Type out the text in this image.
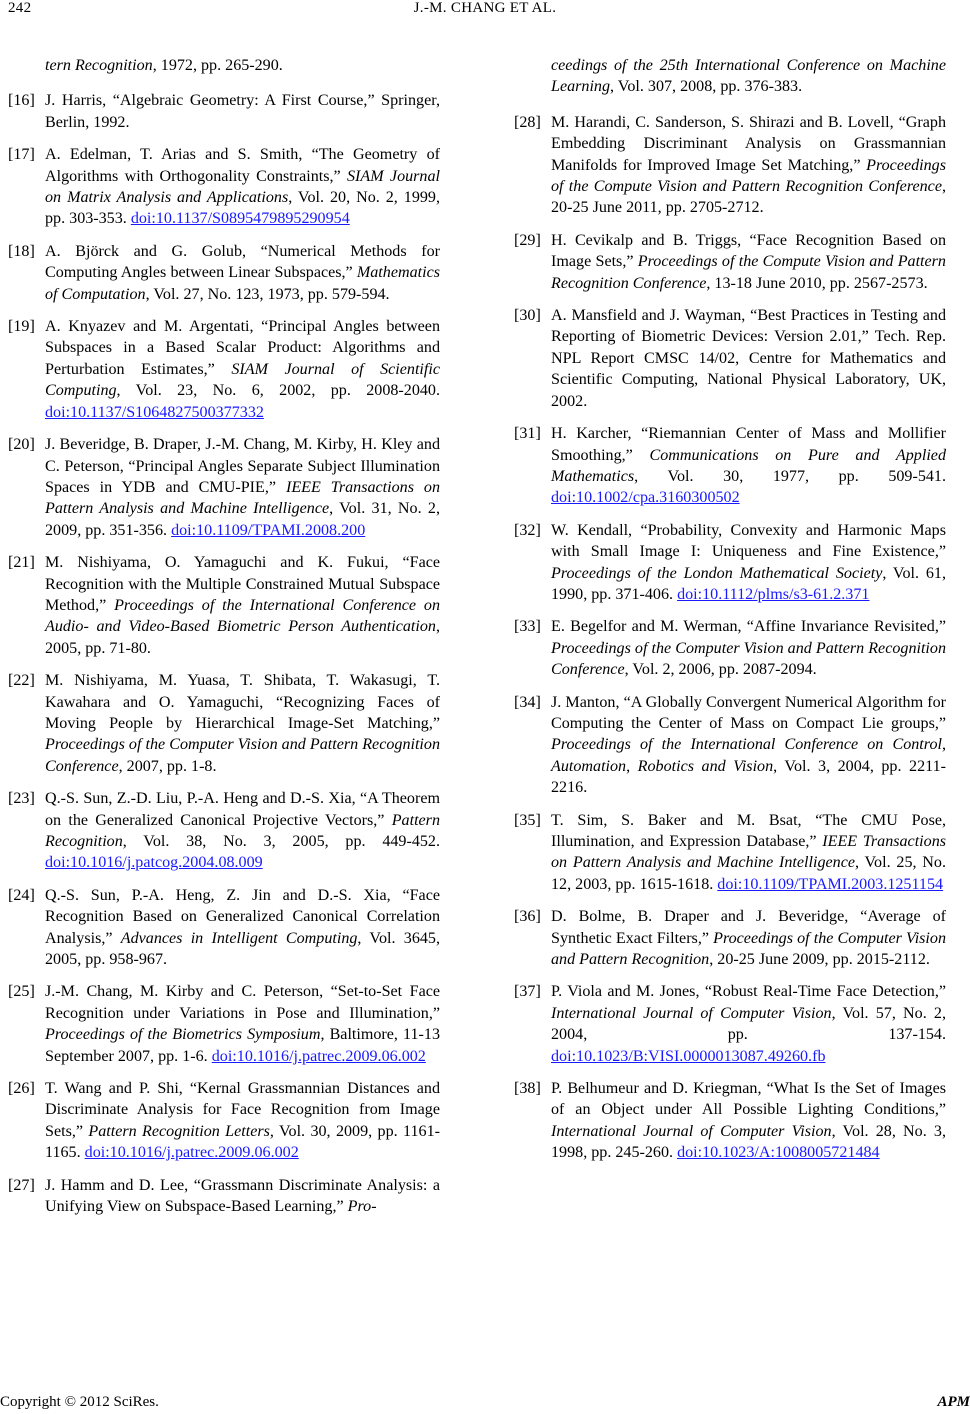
242	J.-M. CHANG ET AL.
tern Recognition, 1972, pp. 265-290.
[16] J. Harris, “Algebraic Geometry: A First Course,” Springer, Berlin, 1992.
[17] A. Edelman, T. Arias and S. Smith, “The Geometry of Algorithms with Orthogonality Constraints,” SIAM Journal on Matrix Analysis and Applications, Vol. 20, No. 2, 1999, pp. 303-353. doi:10.1137/S0895479895290954
[18] A. Björck and G. Golub, “Numerical Methods for Computing Angles between Linear Subspaces,” Mathematics of Computation, Vol. 27, No. 123, 1973, pp. 579-594.
[19] A. Knyazev and M. Argentati, “Principal Angles between Subspaces in a Based Scalar Product: Algorithms and Perturbation Estimates,” SIAM Journal of Scientific Computing, Vol. 23, No. 6, 2002, pp. 2008-2040. doi:10.1137/S1064827500377332
[20] J. Beveridge, B. Draper, J.-M. Chang, M. Kirby, H. Kley and C. Peterson, “Principal Angles Separate Subject Illumination Spaces in YDB and CMU-PIE,” IEEE Transactions on Pattern Analysis and Machine Intelligence, Vol. 31, No. 2, 2009, pp. 351-356. doi:10.1109/TPAMI.2008.200
[21] M. Nishiyama, O. Yamaguchi and K. Fukui, “Face Recognition with the Multiple Constrained Mutual Subspace Method,” Proceedings of the International Conference on Audio- and Video-Based Biometric Person Authentication, 2005, pp. 71-80.
[22] M. Nishiyama, M. Yuasa, T. Shibata, T. Wakasugi, T. Kawahara and O. Yamaguchi, “Recognizing Faces of Moving People by Hierarchical Image-Set Matching,” Proceedings of the Computer Vision and Pattern Recognition Conference, 2007, pp. 1-8.
[23] Q.-S. Sun, Z.-D. Liu, P.-A. Heng and D.-S. Xia, “A Theorem on the Generalized Canonical Projective Vectors,” Pattern Recognition, Vol. 38, No. 3, 2005, pp. 449-452. doi:10.1016/j.patcog.2004.08.009
[24] Q.-S. Sun, P.-A. Heng, Z. Jin and D.-S. Xia, “Face Recognition Based on Generalized Canonical Correlation Analysis,” Advances in Intelligent Computing, Vol. 3645, 2005, pp. 958-967.
[25] J.-M. Chang, M. Kirby and C. Peterson, “Set-to-Set Face Recognition under Variations in Pose and Illumination,” Proceedings of the Biometrics Symposium, Baltimore, 11-13 September 2007, pp. 1-6. doi:10.1016/j.patrec.2009.06.002
[26] T. Wang and P. Shi, “Kernal Grassmannian Distances and Discriminate Analysis for Face Recognition from Image Sets,” Pattern Recognition Letters, Vol. 30, 2009, pp. 1161-1165. doi:10.1016/j.patrec.2009.06.002
[27] J. Hamm and D. Lee, “Grassmann Discriminate Analysis: a Unifying View on Subspace-Based Learning,” Pro-
ceedings of the 25th International Conference on Machine Learning, Vol. 307, 2008, pp. 376-383.
[28] M. Harandi, C. Sanderson, S. Shirazi and B. Lovell, “Graph Embedding Discriminant Analysis on Grassmannian Manifolds for Improved Image Set Matching,” Proceedings of the Compute Vision and Pattern Recognition Conference, 20-25 June 2011, pp. 2705-2712.
[29] H. Cevikalp and B. Triggs, “Face Recognition Based on Image Sets,” Proceedings of the Compute Vision and Pattern Recognition Conference, 13-18 June 2010, pp. 2567-2573.
[30] A. Mansfield and J. Wayman, “Best Practices in Testing and Reporting of Biometric Devices: Version 2.01,” Tech. Rep. NPL Report CMSC 14/02, Centre for Mathematics and Scientific Computing, National Physical Laboratory, UK, 2002.
[31] H. Karcher, “Riemannian Center of Mass and Mollifier Smoothing,” Communications on Pure and Applied Mathematics, Vol. 30, 1977, pp. 509-541. doi:10.1002/cpa.3160300502
[32] W. Kendall, “Probability, Convexity and Harmonic Maps with Small Image I: Uniqueness and Fine Existence,” Proceedings of the London Mathematical Society, Vol. 61, 1990, pp. 371-406. doi:10.1112/plms/s3-61.2.371
[33] E. Begelfor and M. Werman, “Affine Invariance Revisited,” Proceedings of the Computer Vision and Pattern Recognition Conference, Vol. 2, 2006, pp. 2087-2094.
[34] J. Manton, “A Globally Convergent Numerical Algorithm for Computing the Center of Mass on Compact Lie groups,” Proceedings of the International Conference on Control, Automation, Robotics and Vision, Vol. 3, 2004, pp. 2211-2216.
[35] T. Sim, S. Baker and M. Bsat, “The CMU Pose, Illumination, and Expression Database,” IEEE Transactions on Pattern Analysis and Machine Intelligence, Vol. 25, No. 12, 2003, pp. 1615-1618. doi:10.1109/TPAMI.2003.1251154
[36] D. Bolme, B. Draper and J. Beveridge, “Average of Synthetic Exact Filters,” Proceedings of the Computer Vision and Pattern Recognition, 20-25 June 2009, pp. 2015-2112.
[37] P. Viola and M. Jones, “Robust Real-Time Face Detection,” International Journal of Computer Vision, Vol. 57, No. 2, 2004, pp. 137-154. doi:10.1023/B:VISI.0000013087.49260.fb
[38] P. Belhumeur and D. Kriegman, “What Is the Set of Images of an Object under All Possible Lighting Conditions,” International Journal of Computer Vision, Vol. 28, No. 3, 1998, pp. 245-260. doi:10.1023/A:1008005721484
Copyright © 2012 SciRes.	APM
